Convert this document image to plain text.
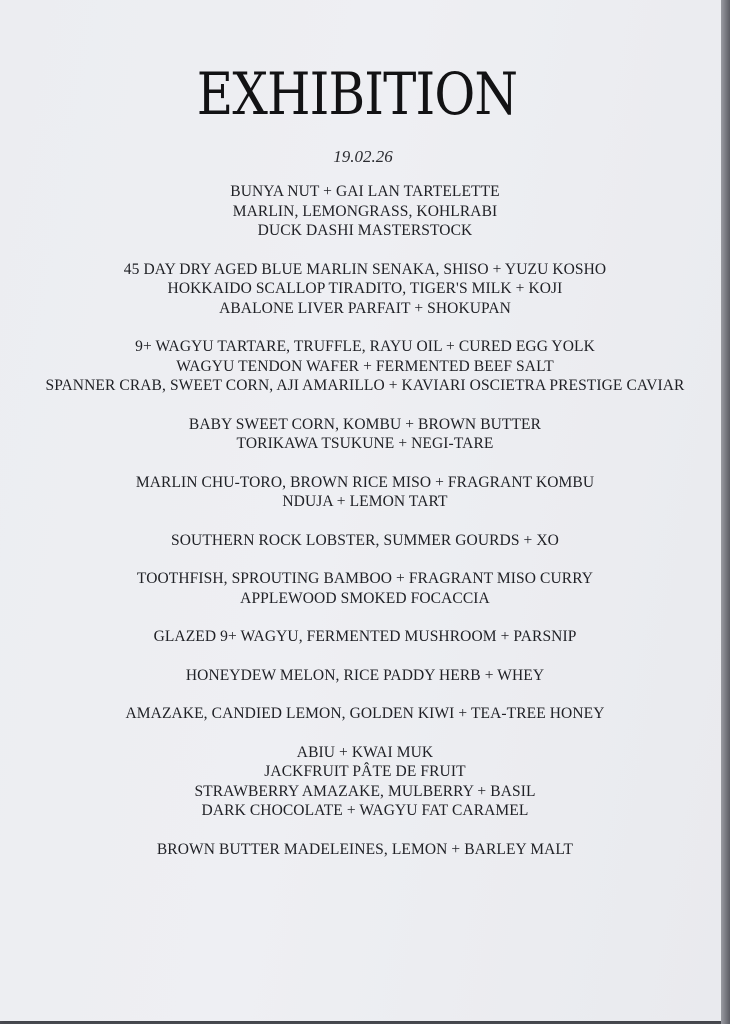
EXHIBITION
19.02.26
BUNYA NUT + GAI LAN TARTELETTE
MARLIN, LEMONGRASS, KOHLRABI
DUCK DASHI MASTERSTOCK
45 DAY DRY AGED BLUE MARLIN SENAKA, SHISO + YUZU KOSHO
HOKKAIDO SCALLOP TIRADITO, TIGER'S MILK + KOJI
ABALONE LIVER PARFAIT + SHOKUPAN
9+ WAGYU TARTARE, TRUFFLE, RAYU OIL + CURED EGG YOLK
WAGYU TENDON WAFER + FERMENTED BEEF SALT
SPANNER CRAB, SWEET CORN, AJI AMARILLO + KAVIARI OSCIETRA PRESTIGE CAVIAR
BABY SWEET CORN, KOMBU + BROWN BUTTER
TORIKAWA TSUKUNE + NEGI-TARE
MARLIN CHU-TORO, BROWN RICE MISO + FRAGRANT KOMBU
NDUJA + LEMON TART
SOUTHERN ROCK LOBSTER, SUMMER GOURDS + XO
TOOTHFISH, SPROUTING BAMBOO + FRAGRANT MISO CURRY
APPLEWOOD SMOKED FOCACCIA
GLAZED 9+ WAGYU, FERMENTED MUSHROOM + PARSNIP
HONEYDEW MELON, RICE PADDY HERB + WHEY
AMAZAKE, CANDIED LEMON, GOLDEN KIWI + TEA-TREE HONEY
ABIU + KWAI MUK
JACKFRUIT PÂTE DE FRUIT
STRAWBERRY AMAZAKE, MULBERRY + BASIL
DARK CHOCOLATE + WAGYU FAT CARAMEL
BROWN BUTTER MADELEINES, LEMON + BARLEY MALT
